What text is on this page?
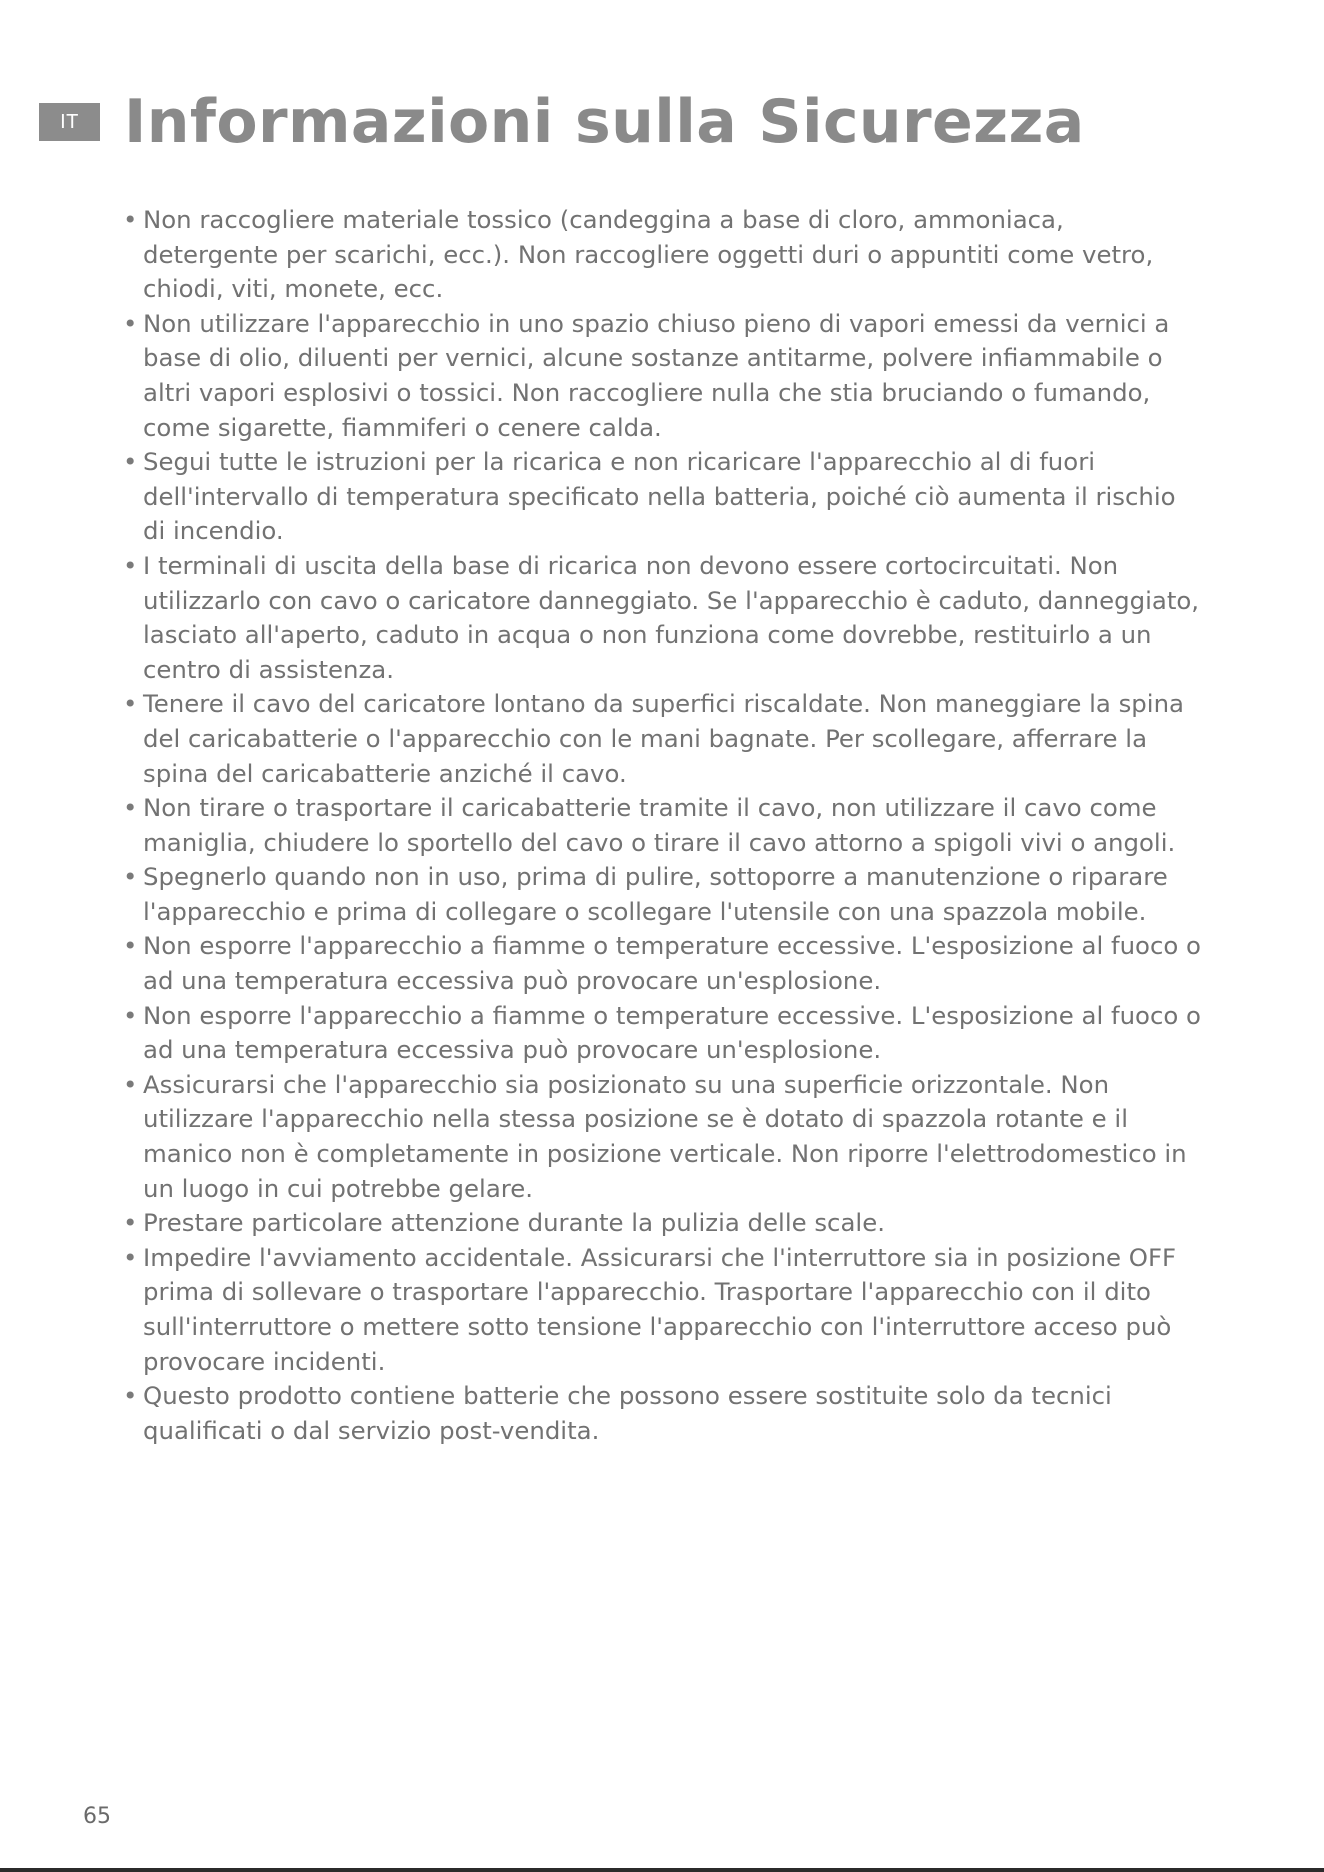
IT Informazioni sulla Sicurezza
• Non raccogliere materiale tossico (candeggina a base di cloro, ammoniaca, detergente per scarichi, ecc.). Non raccogliere oggetti duri o appuntiti come vetro, chiodi, viti, monete, ecc.
• Non utilizzare l'apparecchio in uno spazio chiuso pieno di vapori emessi da vernici a base di olio, diluenti per vernici, alcune sostanze antitarme, polvere infiammabile o altri vapori esplosivi o tossici. Non raccogliere nulla che stia bruciando o fumando, come sigarette, fiammiferi o cenere calda.
• Segui tutte le istruzioni per la ricarica e non ricaricare l'apparecchio al di fuori dell'intervallo di temperatura specificato nella batteria, poiché ciò aumenta il rischio di incendio.
• I terminali di uscita della base di ricarica non devono essere cortocircuitati. Non utilizzarlo con cavo o caricatore danneggiato. Se l'apparecchio è caduto, danneggiato, lasciato all'aperto, caduto in acqua o non funziona come dovrebbe, restituirlo a un centro di assistenza.
• Tenere il cavo del caricatore lontano da superfici riscaldate. Non maneggiare la spina del caricabatterie o l'apparecchio con le mani bagnate. Per scollegare, afferrare la spina del caricabatterie anziché il cavo.
• Non tirare o trasportare il caricabatterie tramite il cavo, non utilizzare il cavo come maniglia, chiudere lo sportello del cavo o tirare il cavo attorno a spigoli vivi o angoli.
• Spegnerlo quando non in uso, prima di pulire, sottoporre a manutenzione o riparare l'apparecchio e prima di collegare o scollegare l'utensile con una spazzola mobile.
• Non esporre l'apparecchio a fiamme o temperature eccessive. L'esposizione al fuoco o ad una temperatura eccessiva può provocare un'esplosione.
• Non esporre l'apparecchio a fiamme o temperature eccessive. L'esposizione al fuoco o ad una temperatura eccessiva può provocare un'esplosione.
• Assicurarsi che l'apparecchio sia posizionato su una superficie orizzontale. Non utilizzare l'apparecchio nella stessa posizione se è dotato di spazzola rotante e il manico non è completamente in posizione verticale. Non riporre l'elettrodomestico in un luogo in cui potrebbe gelare.
• Prestare particolare attenzione durante la pulizia delle scale.
• Impedire l'avviamento accidentale. Assicurarsi che l'interruttore sia in posizione OFF prima di sollevare o trasportare l'apparecchio. Trasportare l'apparecchio con il dito sull'interruttore o mettere sotto tensione l'apparecchio con l'interruttore acceso può provocare incidenti.
• Questo prodotto contiene batterie che possono essere sostituite solo da tecnici qualificati o dal servizio post-vendita.
65
